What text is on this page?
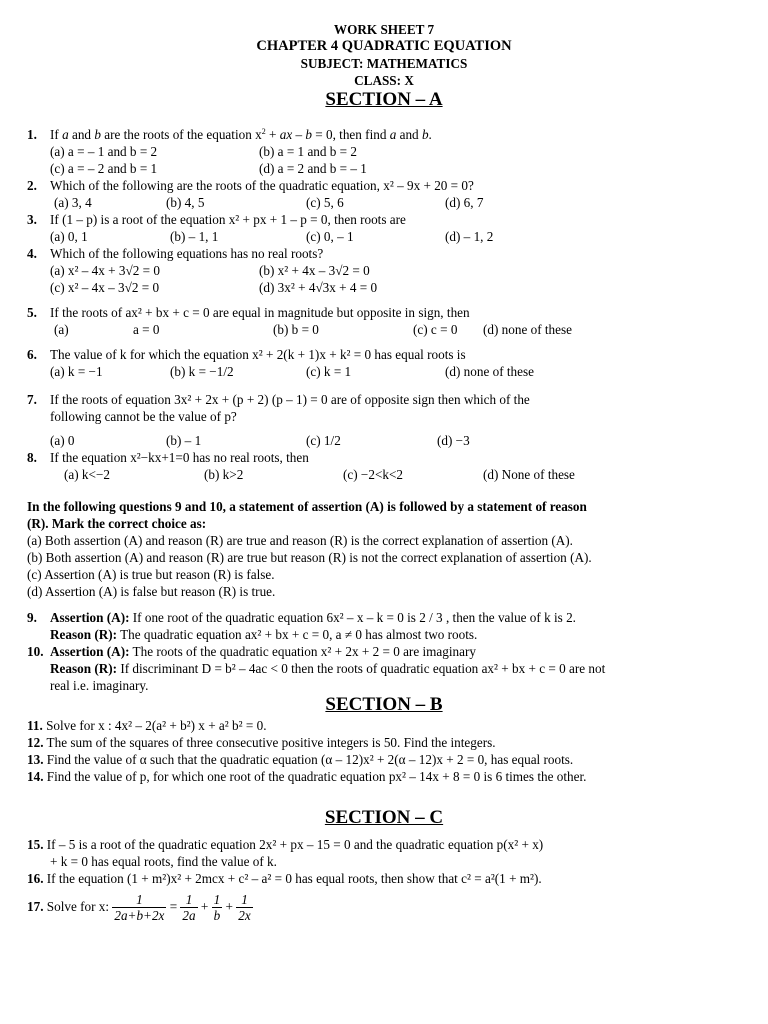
WORK SHEET 7
CHAPTER 4 QUADRATIC EQUATION
SUBJECT: MATHEMATICS
CLASS: X
SECTION – A
1. If a and b are the roots of the equation $x^2$ + ax – b = 0, then find a and b.
(a) a = – 1 and b = 2	(b) a = 1 and b = 2
(c) a = – 2 and b = 1	(d) a = 2 and b = – 1
2. Which of the following are the roots of the quadratic equation, x² – 9x + 20 = 0?
(a) 3, 4	(b) 4, 5	(c) 5, 6	(d) 6, 7
3. If (1 – p) is a root of the equation x² + px + 1 – p = 0, then roots are
(a) 0, 1	(b) – 1, 1	(c) 0, – 1	(d) – 1, 2
4. Which of the following equations has no real roots?
(a) x² – 4x + 3√2 = 0	(b) x² + 4x – 3√2 = 0
(c) x² – 4x – 3√2 = 0	(d) 3x² + 4√3x + 4 = 0
5. If the roots of ax² + bx + c = 0 are equal in magnitude but opposite in sign, then
(a)	a = 0	(b) b = 0	(c) c = 0 (d) none of these
6. The value of k for which the equation x² + 2(k + 1)x + k² = 0 has equal roots is
(a) k = −1	(b) k = −1/2	(c) k = 1	(d) none of these
7. If the roots of equation 3x² + 2x + (p + 2) (p – 1) = 0 are of opposite sign then which of the
following cannot be the value of p?
(a) 0	(b) – 1	(c) 1/2	(d) −3
8. If the equation x²−kx+1=0 has no real roots, then
(a) k<−2	(b) k>2	(c) −2<k<2	(d) None of these
In the following questions 9 and 10, a statement of assertion (A) is followed by a statement of reason
(R). Mark the correct choice as:
(a) Both assertion (A) and reason (R) are true and reason (R) is the correct explanation of assertion (A).
(b) Both assertion (A) and reason (R) are true but reason (R) is not the correct explanation of assertion (A).
(c) Assertion (A) is true but reason (R) is false.
(d) Assertion (A) is false but reason (R) is true.
9. Assertion (A): If one root of the quadratic equation 6x² – x – k = 0 is 2 / 3 , then the value of k is 2.
Reason (R): The quadratic equation ax² + bx + c = 0, a ≠ 0 has almost two roots.
10. Assertion (A): The roots of the quadratic equation x² + 2x + 2 = 0 are imaginary
Reason (R): If discriminant D = b² – 4ac < 0 then the roots of quadratic equation ax² + bx + c = 0 are not
real i.e. imaginary.
SECTION – B
11. Solve for x : 4x² – 2(a² + b²) x + a² b² = 0.
12. The sum of the squares of three consecutive positive integers is 50. Find the integers.
13. Find the value of α such that the quadratic equation (α – 12)x² + 2(α – 12)x + 2 = 0, has equal roots.
14. Find the value of p, for which one root of the quadratic equation px² – 14x + 8 = 0 is 6 times the other.
SECTION – C
15. If – 5 is a root of the quadratic equation 2x² + px – 15 = 0 and the quadratic equation p(x² + x)
+ k = 0 has equal roots, find the value of k.
16. If the equation (1 + m²)x² + 2mcx + c² – a² = 0 has equal roots, then show that c² = a²(1 + m²).
17. Solve for x: $\frac{1}{2a+b+2x} = \frac{1}{2a} + \frac{1}{b} + \frac{1}{2x}$
